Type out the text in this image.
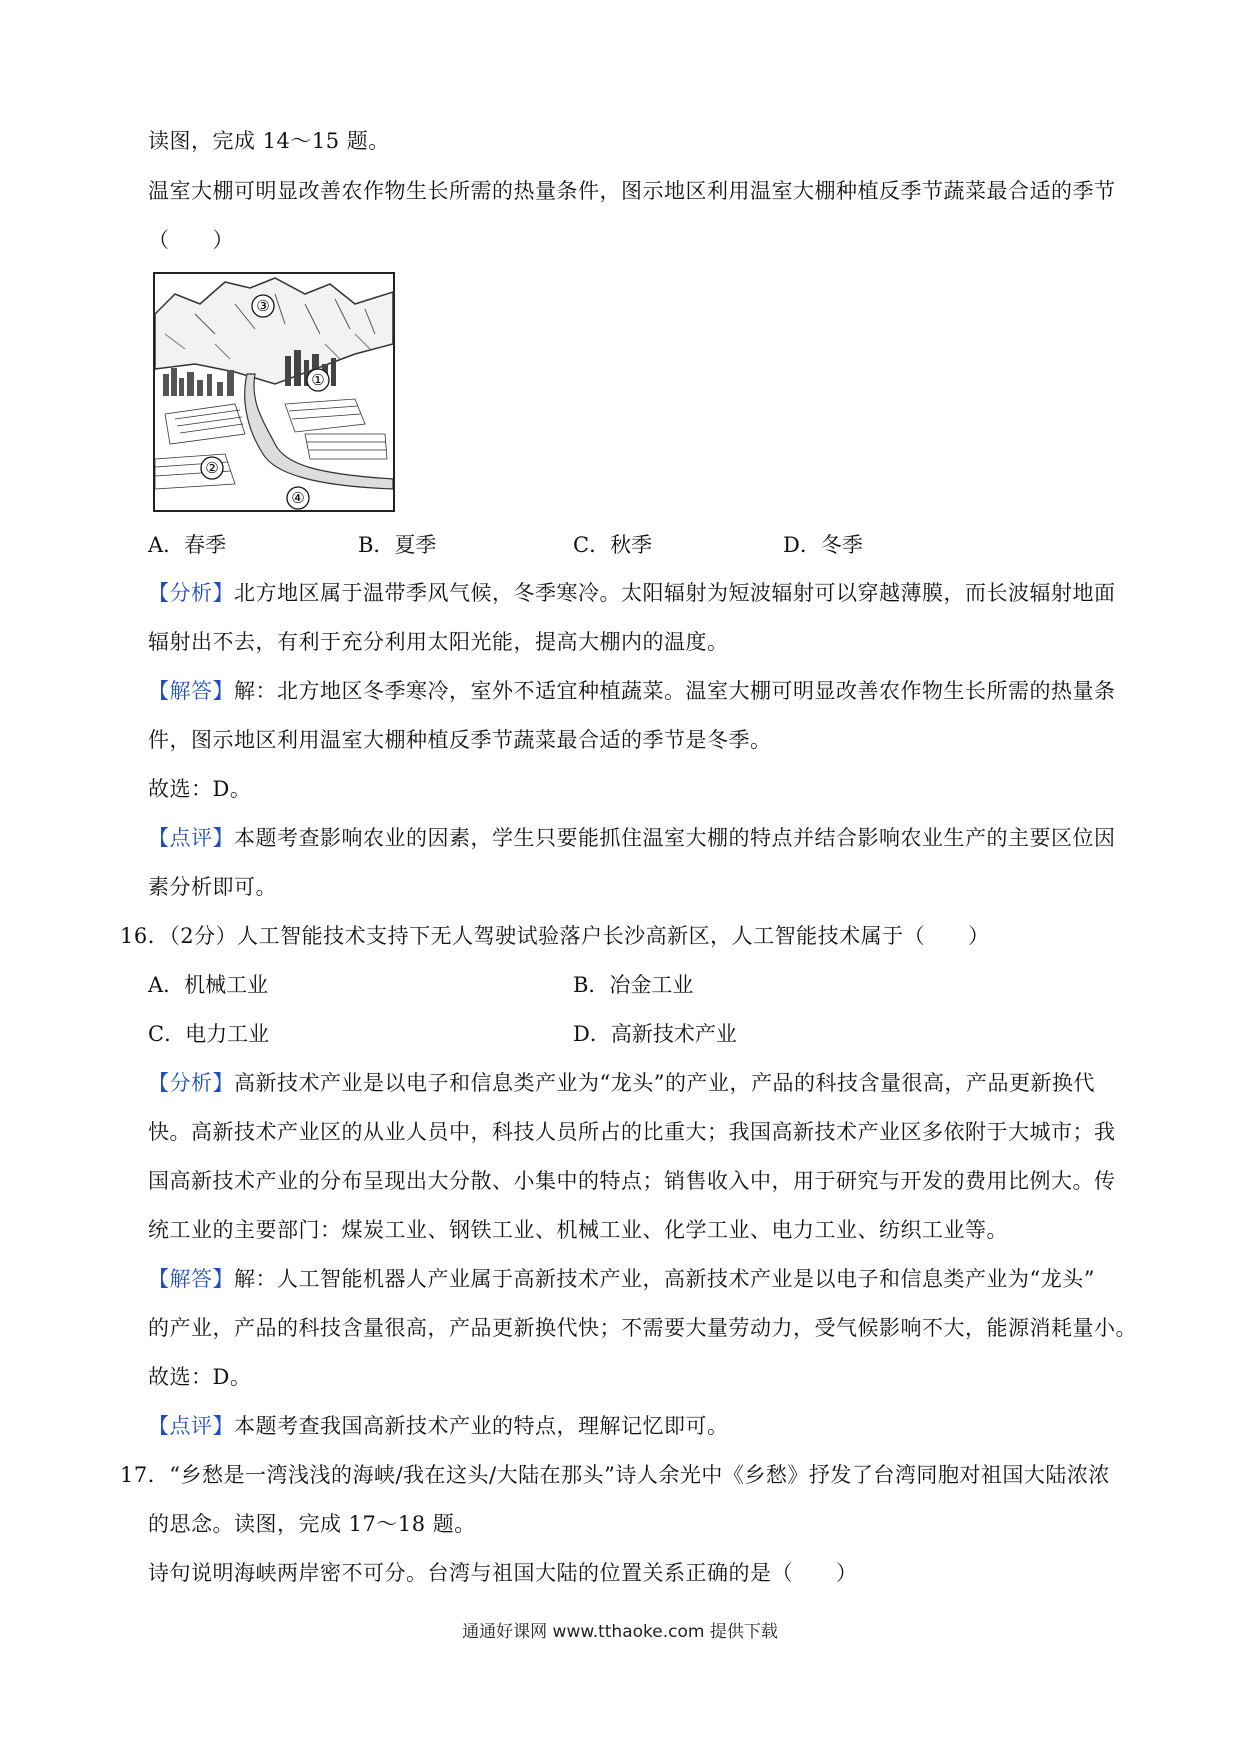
读图，完成 14～15 题。
温室大棚可明显改善农作物生长所需的热量条件，图示地区利用温室大棚种植反季节蔬菜最合适的季节
（　　）
③
①
②
④
A．春季	B．夏季	C．秋季	D．冬季
【分析】北方地区属于温带季风气候，冬季寒冷。太阳辐射为短波辐射可以穿越薄膜，而长波辐射地面
辐射出不去，有利于充分利用太阳光能，提高大棚内的温度。
【解答】解：北方地区冬季寒冷，室外不适宜种植蔬菜。温室大棚可明显改善农作物生长所需的热量条
件，图示地区利用温室大棚种植反季节蔬菜最合适的季节是冬季。
故选：D。
【点评】本题考查影响农业的因素，学生只要能抓住温室大棚的特点并结合影响农业生产的主要区位因
素分析即可。
16．（2分）人工智能技术支持下无人驾驶试验落户长沙高新区，人工智能技术属于（　　）
A．机械工业	B．冶金工业
C．电力工业	D．高新技术产业
【分析】高新技术产业是以电子和信息类产业为“龙头”的产业，产品的科技含量很高，产品更新换代
快。高新技术产业区的从业人员中，科技人员所占的比重大；我国高新技术产业区多依附于大城市；我
国高新技术产业的分布呈现出大分散、小集中的特点；销售收入中，用于研究与开发的费用比例大。传
统工业的主要部门：煤炭工业、钢铁工业、机械工业、化学工业、电力工业、纺织工业等。
【解答】解：人工智能机器人产业属于高新技术产业，高新技术产业是以电子和信息类产业为“龙头”
的产业，产品的科技含量很高，产品更新换代快；不需要大量劳动力，受气候影响不大，能源消耗量小。
故选：D。
【点评】本题考查我国高新技术产业的特点，理解记忆即可。
17．“乡愁是一湾浅浅的海峡/我在这头/大陆在那头”诗人余光中《乡愁》抒发了台湾同胞对祖国大陆浓浓
的思念。读图，完成 17～18 题。
诗句说明海峡两岸密不可分。台湾与祖国大陆的位置关系正确的是（　　）
通通好课网 www.tthaoke.com 提供下载
